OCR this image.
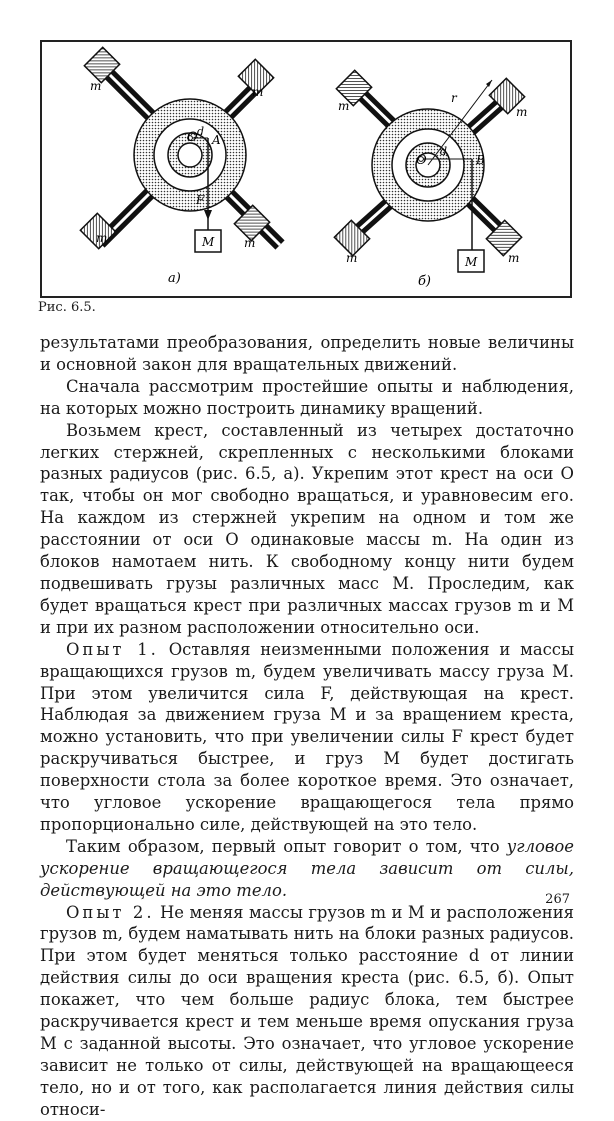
O d
A
F
M
m	m
m	m
а)
O
d
B
r
M
m	m
m	m
б)
Рис. 6.5.

результатами преобразования, определить новые величины и основной закон для вращательных движений.

Сначала рассмотрим простейшие опыты и наблюдения, на которых можно построить динамику вращений.

Возьмем крест, составленный из четырех достаточно легких стержней, скрепленных с несколькими блоками разных радиусов (рис. 6.5, а). Укрепим этот крест на оси O так, чтобы он мог свободно вращаться, и уравновесим его. На каждом из стержней укрепим на одном и том же расстоянии от оси O одинаковые массы m. На один из блоков намотаем нить. К свободному концу нити будем подвешивать грузы различных масс M. Проследим, как будет вращаться крест при различных массах грузов m и M и при их разном расположении относительно оси.

Опыт 1. Оставляя неизменными положения и массы вращающихся грузов m, будем увеличивать массу груза M. При этом увеличится сила F, действующая на крест. Наблюдая за движением груза M и за вращением креста, можно установить, что при увеличении силы F крест будет раскручиваться быстрее, и груз M будет достигать поверхности стола за более короткое время. Это означает, что угловое ускорение вращающегося тела прямо пропорционально силе, действующей на это тело.

Таким образом, первый опыт говорит о том, что угловое ускорение вращающегося тела зависит от силы, действующей на это тело.

Опыт 2. Не меняя массы грузов m и M и расположения грузов m, будем наматывать нить на блоки разных радиусов. При этом будет меняться только расстояние d от линии действия силы до оси вращения креста (рис. 6.5, б). Опыт покажет, что чем больше радиус блока, тем быстрее раскручивается крест и тем меньше время опускания груза M с заданной высоты. Это означает, что угловое ускорение зависит не только от силы, действующей на вращающееся тело, но и от того, как располагается линия действия силы относи-

267
